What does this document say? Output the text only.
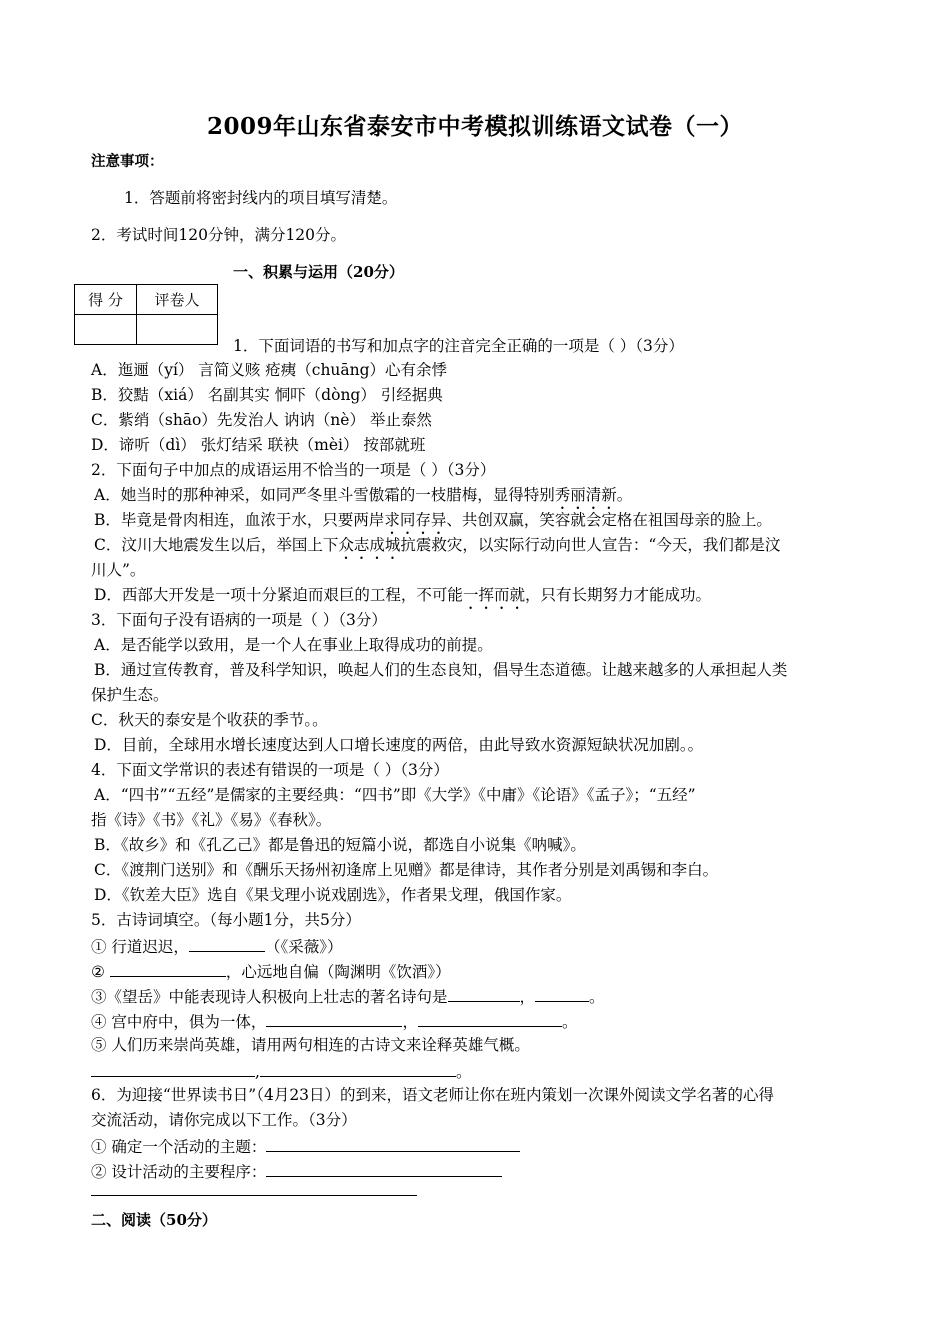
2009年山东省泰安市中考模拟训练语文试卷（一）
注意事项：
1．答题前将密封线内的项目填写清楚。
2．考试时间120分钟，满分120分。
一、积累与运用（20分）
得 分	评卷人

1．下面词语的书写和加点字的注音完全正确的一项是（ ）（3分）
A．迤逦（yí） 言简义赅 疮痍（chuāng）心有余悸
B．狡黠（xiá） 名副其实 恫吓（dòng） 引经据典
C．紫绡（shāo）先发治人 讷讷（nè） 举止泰然
D．谛听（dì） 张灯结采 联袂（mèi） 按部就班
2．下面句子中加点的成语运用不恰当的一项是（ ）（3分）
A．她当时的那种神采，如同严冬里斗雪傲霜的一枝腊梅，显得特别秀丽清新。
B．毕竟是骨肉相连，血浓于水，只要两岸求同存异、共创双赢，笑容就会定格在祖国母亲的脸上。
C．汶川大地震发生以后，举国上下众志成城抗震救灾，以实际行动向世人宣告：“今天，我们都是汶
川人”。
D．西部大开发是一项十分紧迫而艰巨的工程，不可能一挥而就，只有长期努力才能成功。
3．下面句子没有语病的一项是（ ）（3分）
A．是否能学以致用，是一个人在事业上取得成功的前提。
B．通过宣传教育，普及科学知识，唤起人们的生态良知，倡导生态道德。让越来越多的人承担起人类
保护生态。
C．秋天的泰安是个收获的季节。。
D．目前，全球用水增长速度达到人口增长速度的两倍，由此导致水资源短缺状况加剧。。
4．下面文学常识的表述有错误的一项是（ ）（3分）
A．“四书”“五经”是儒家的主要经典：“四书”即《大学》《中庸》《论语》《孟子》；“五经”
指《诗》《书》《礼》《易》《春秋》。
B．《故乡》和《孔乙己》都是鲁迅的短篇小说，都选自小说集《呐喊》。
C．《渡荆门送别》和《酬乐天扬州初逢席上见赠》都是律诗，其作者分别是刘禹锡和李白。
D．《钦差大臣》选自《果戈理小说戏剧选》，作者果戈理，俄国作家。
5．古诗词填空。（每小题1分，共5分）
① 行道迟迟，	（《采薇》）
②	，心远地自偏（陶渊明《饮酒》）
③《望岳》中能表现诗人积极向上壮志的著名诗句是	，	。
④ 宫中府中，俱为一体，	，	。
⑤ 人们历来崇尚英雄，请用两句相连的古诗文来诠释英雄气概。
,	。
6．为迎接“世界读书日”（4月23日）的到来，语文老师让你在班内策划一次课外阅读文学名著的心得
交流活动，请你完成以下工作。（3分）
① 确定一个活动的主题：
② 设计活动的主要程序：
二、阅读（50分）
